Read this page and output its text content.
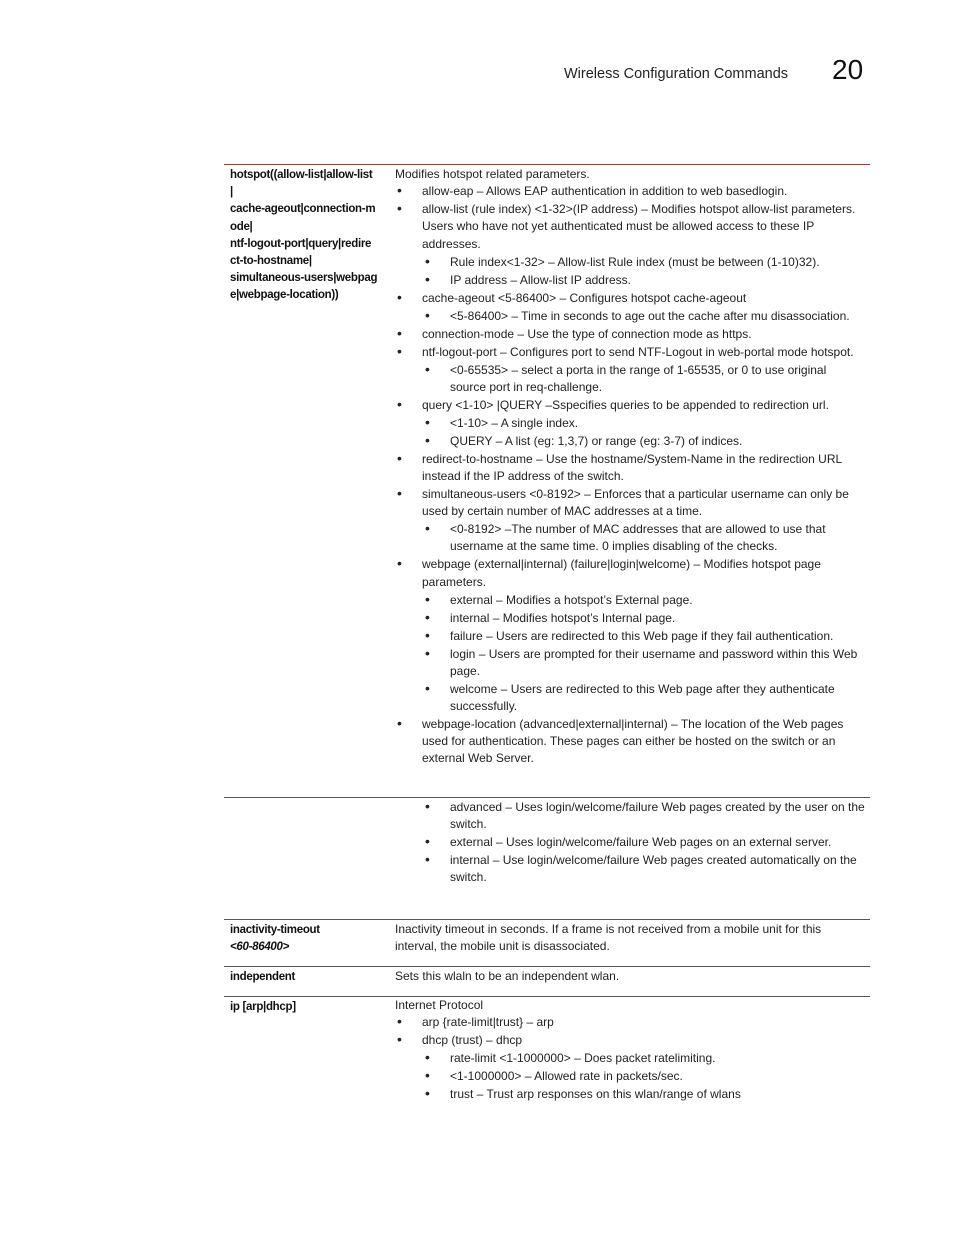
Wireless Configuration Commands 20
hotspot((allow-list|allow-list
|
cache-ageout|connection-m
ode|
ntf-logout-port|query|redire
ct-to-hostname|
simultaneous-users|webpag
e|webpage-location))

Modifies hotspot related parameters.

• allow-eap – Allows EAP authentication in addition to web basedlogin.
• allow-list (rule index) <1-32>(IP address) – Modifies hotspot allow-list parameters. Users who have not yet authenticated must be allowed access to these IP addresses.
• Rule index<1-32> – Allow-list Rule index (must be between (1-10)32).
• IP address – Allow-list IP address.
• cache-ageout <5-86400> – Configures hotspot cache-ageout
• <5-86400> – Time in seconds to age out the cache after mu disassociation.
• connection-mode – Use the type of connection mode as https.
• ntf-logout-port – Configures port to send NTF-Logout in web-portal mode hotspot.
• <0-65535> – select a porta in the range of 1-65535, or 0 to use original source port in req-challenge.
• query <1-10> |QUERY –Sspecifies queries to be appended to redirection url.
• <1-10> – A single index.
• QUERY – A list (eg: 1,3,7) or range (eg: 3-7) of indices.
• redirect-to-hostname – Use the hostname/System-Name in the redirection URL instead if the IP address of the switch.
• simultaneous-users <0-8192> – Enforces that a particular username can only be used by certain number of MAC addresses at a time.
• <0-8192> –The number of MAC addresses that are allowed to use that username at the same time. 0 implies disabling of the checks.
• webpage (external|internal) (failure|login|welcome) – Modifies hotspot page parameters.
• external – Modifies a hotspot’s External page.
• internal – Modifies hotspot’s Internal page.
• failure – Users are redirected to this Web page if they fail authentication.
• login – Users are prompted for their username and password within this Web page.
• welcome – Users are redirected to this Web page after they authenticate successfully.
• webpage-location (advanced|external|internal) – The location of the Web pages used for authentication. These pages can either be hosted on the switch or an external Web Server.
• advanced – Uses login/welcome/failure Web pages created by the user on the switch.
• external – Uses login/welcome/failure Web pages on an external server.
• internal – Use login/welcome/failure Web pages created automatically on the switch.
inactivity-timeout
<60-86400>

Inactivity timeout in seconds. If a frame is not received from a mobile unit for this interval, the mobile unit is disassociated.

independent	Sets this wlaln to be an independent wlan.

ip [arp|dhcp]	Internet Protocol

• arp {rate-limit|trust} – arp
• dhcp (trust) – dhcp
• rate-limit <1-1000000> – Does packet ratelimiting.
• <1-1000000> – Allowed rate in packets/sec.
• trust – Trust arp responses on this wlan/range of wlans
